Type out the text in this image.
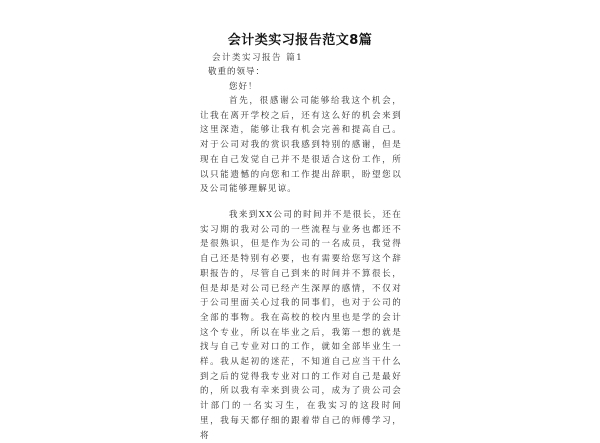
会计类实习报告范文8篇
会计类实习报告 篇1
敬重的领导：
您好！

首先，很感谢公司能够给我这个机会，让我在离开学校之后，还有这么好的机会来到这里深造，能够让我有机会完善和提高自己。对于公司对我的赏识我感到特别的感谢，但是现在自己发觉自己并不是很适合这份工作，所以只能遗憾的向您和工作提出辞职，盼望您以及公司能够理解见谅。

我来到XX公司的时间并不是很长，还在实习期的我对公司的一些流程与业务也都还不是很熟识，但是作为公司的一名成员，我觉得自己还是特别有必要，也有需要给您写这个辞职报告的，尽管自己到来的时间并不算很长，但是却是对公司已经产生深厚的感情，不仅对于公司里面关心过我的同事们，也对于公司的全部的事物。我在高校的校内里也是学的会计这个专业，所以在毕业之后，我第一想的就是找与自己专业对口的工作，就如全部毕业生一样。我从起初的迷茫，不知道自己应当干什么到之后的觉得我专业对口的工作对自己是最好的，所以我有幸来到贵公司，成为了贵公司会计部门的一名实习生，在我实习的这段时间里，我每天都仔细的跟着带自己的师傅学习，将
